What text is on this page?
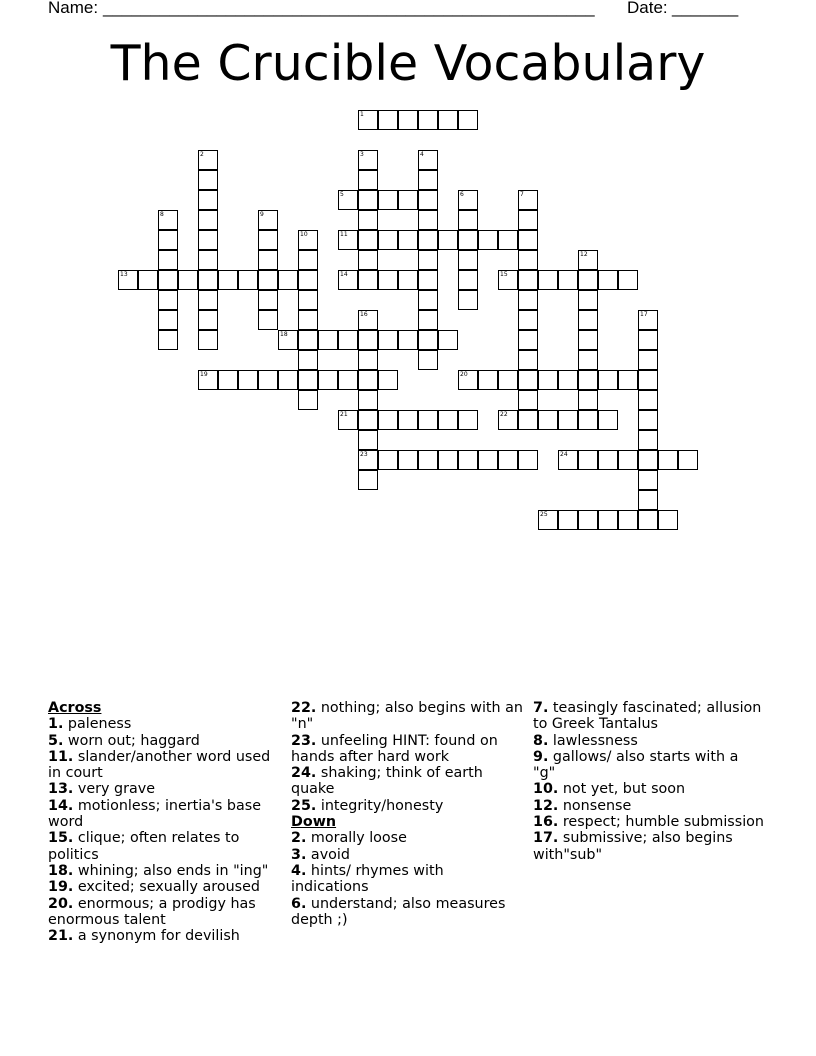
Name: ____________________________________________________ Date: _______
The Crucible Vocabulary
1
2	3	4
5	6	7
8	9
10	11
12
13	14	15
16	17
18
19	20
21	22
24
25
23
Across
1. paleness
5. worn out; haggard
11. slander/another word used in court
13. very grave
14. motionless; inertia's base word
15. clique; often relates to politics
18. whining; also ends in "ing"
19. excited; sexually aroused
20. enormous; a prodigy has enormous talent
21. a synonym for devilish
22. nothing; also begins with an "n"
23. unfeeling HINT: found on hands after hard work
24. shaking; think of earth quake
25. integrity/honesty
Down
2. morally loose
3. avoid
4. hints/ rhymes with indications
6. understand; also measures depth ;)
7. teasingly fascinated; allusion to Greek Tantalus
8. lawlessness
9. gallows/ also starts with a "g"
10. not yet, but soon
12. nonsense
16. respect; humble submission
17. submissive; also begins with"sub"
